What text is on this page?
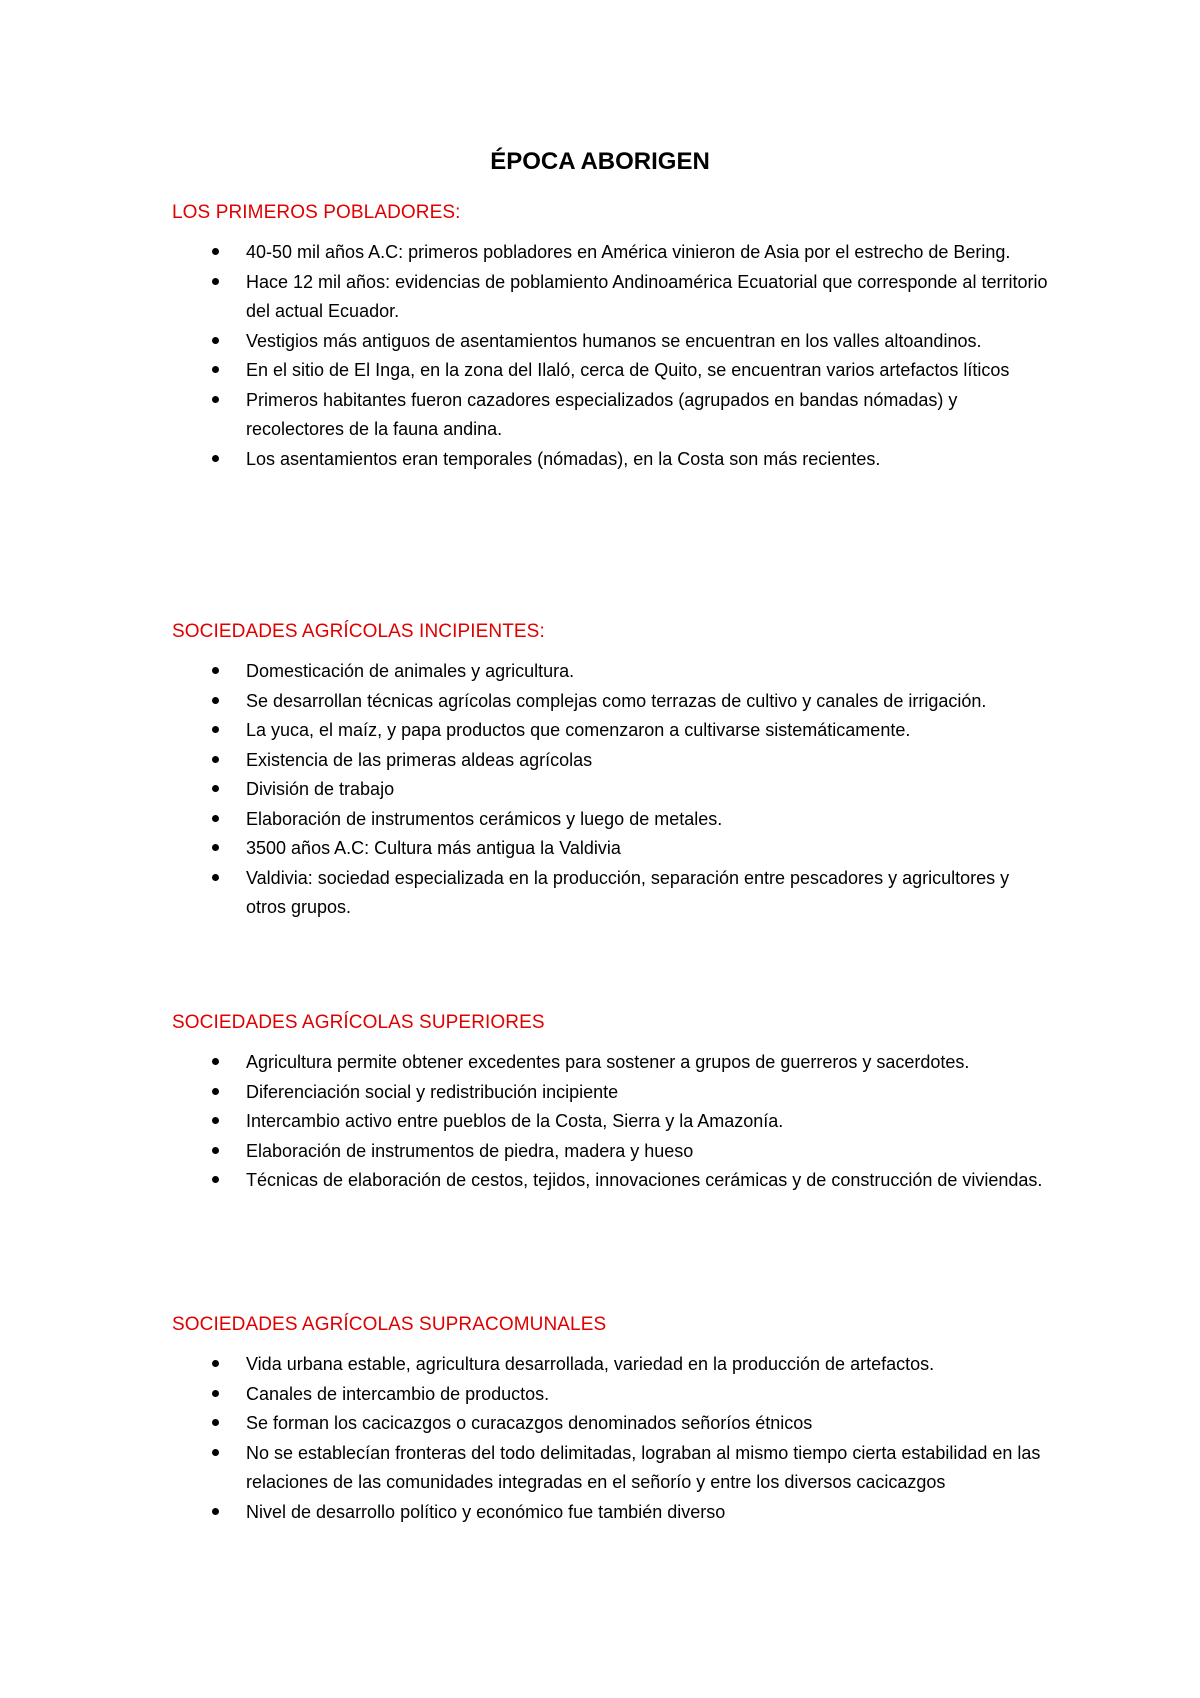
ÉPOCA ABORIGEN
LOS PRIMEROS POBLADORES:
40-50 mil años A.C: primeros pobladores en América vinieron de Asia por el estrecho de Bering.
Hace 12 mil años: evidencias de poblamiento Andinoamérica Ecuatorial que corresponde al territorio del actual Ecuador.
Vestigios más antiguos de asentamientos humanos se encuentran en los valles altoandinos.
En el sitio de El Inga, en la zona del Ilaló, cerca de Quito, se encuentran varios artefactos líticos
Primeros habitantes fueron cazadores especializados (agrupados en bandas nómadas) y recolectores de la fauna andina.
Los asentamientos eran temporales (nómadas), en la Costa son más recientes.
SOCIEDADES AGRÍCOLAS INCIPIENTES:
Domesticación de animales y agricultura.
Se desarrollan técnicas agrícolas complejas como terrazas de cultivo y canales de irrigación.
La yuca, el maíz, y papa productos que comenzaron a cultivarse sistemáticamente.
Existencia de las primeras aldeas agrícolas
División de trabajo
Elaboración de instrumentos cerámicos y luego de metales.
3500 años A.C: Cultura más antigua la Valdivia
Valdivia: sociedad especializada en la producción, separación entre pescadores y agricultores y otros grupos.
SOCIEDADES AGRÍCOLAS SUPERIORES
Agricultura permite obtener excedentes para sostener a grupos de guerreros y sacerdotes.
Diferenciación social y redistribución incipiente
Intercambio activo entre pueblos de la Costa, Sierra y la Amazonía.
Elaboración de instrumentos de piedra, madera y hueso
Técnicas de elaboración de cestos, tejidos, innovaciones cerámicas y de construcción de viviendas.
SOCIEDADES AGRÍCOLAS SUPRACOMUNALES
Vida urbana estable, agricultura desarrollada, variedad en la producción de artefactos.
Canales de intercambio de productos.
Se forman los cacicazgos o curacazgos denominados señoríos étnicos
No se establecían fronteras del todo delimitadas, lograban al mismo tiempo cierta estabilidad en las relaciones de las comunidades integradas en el señorío y entre los diversos cacicazgos
Nivel de desarrollo político y económico fue también diverso
